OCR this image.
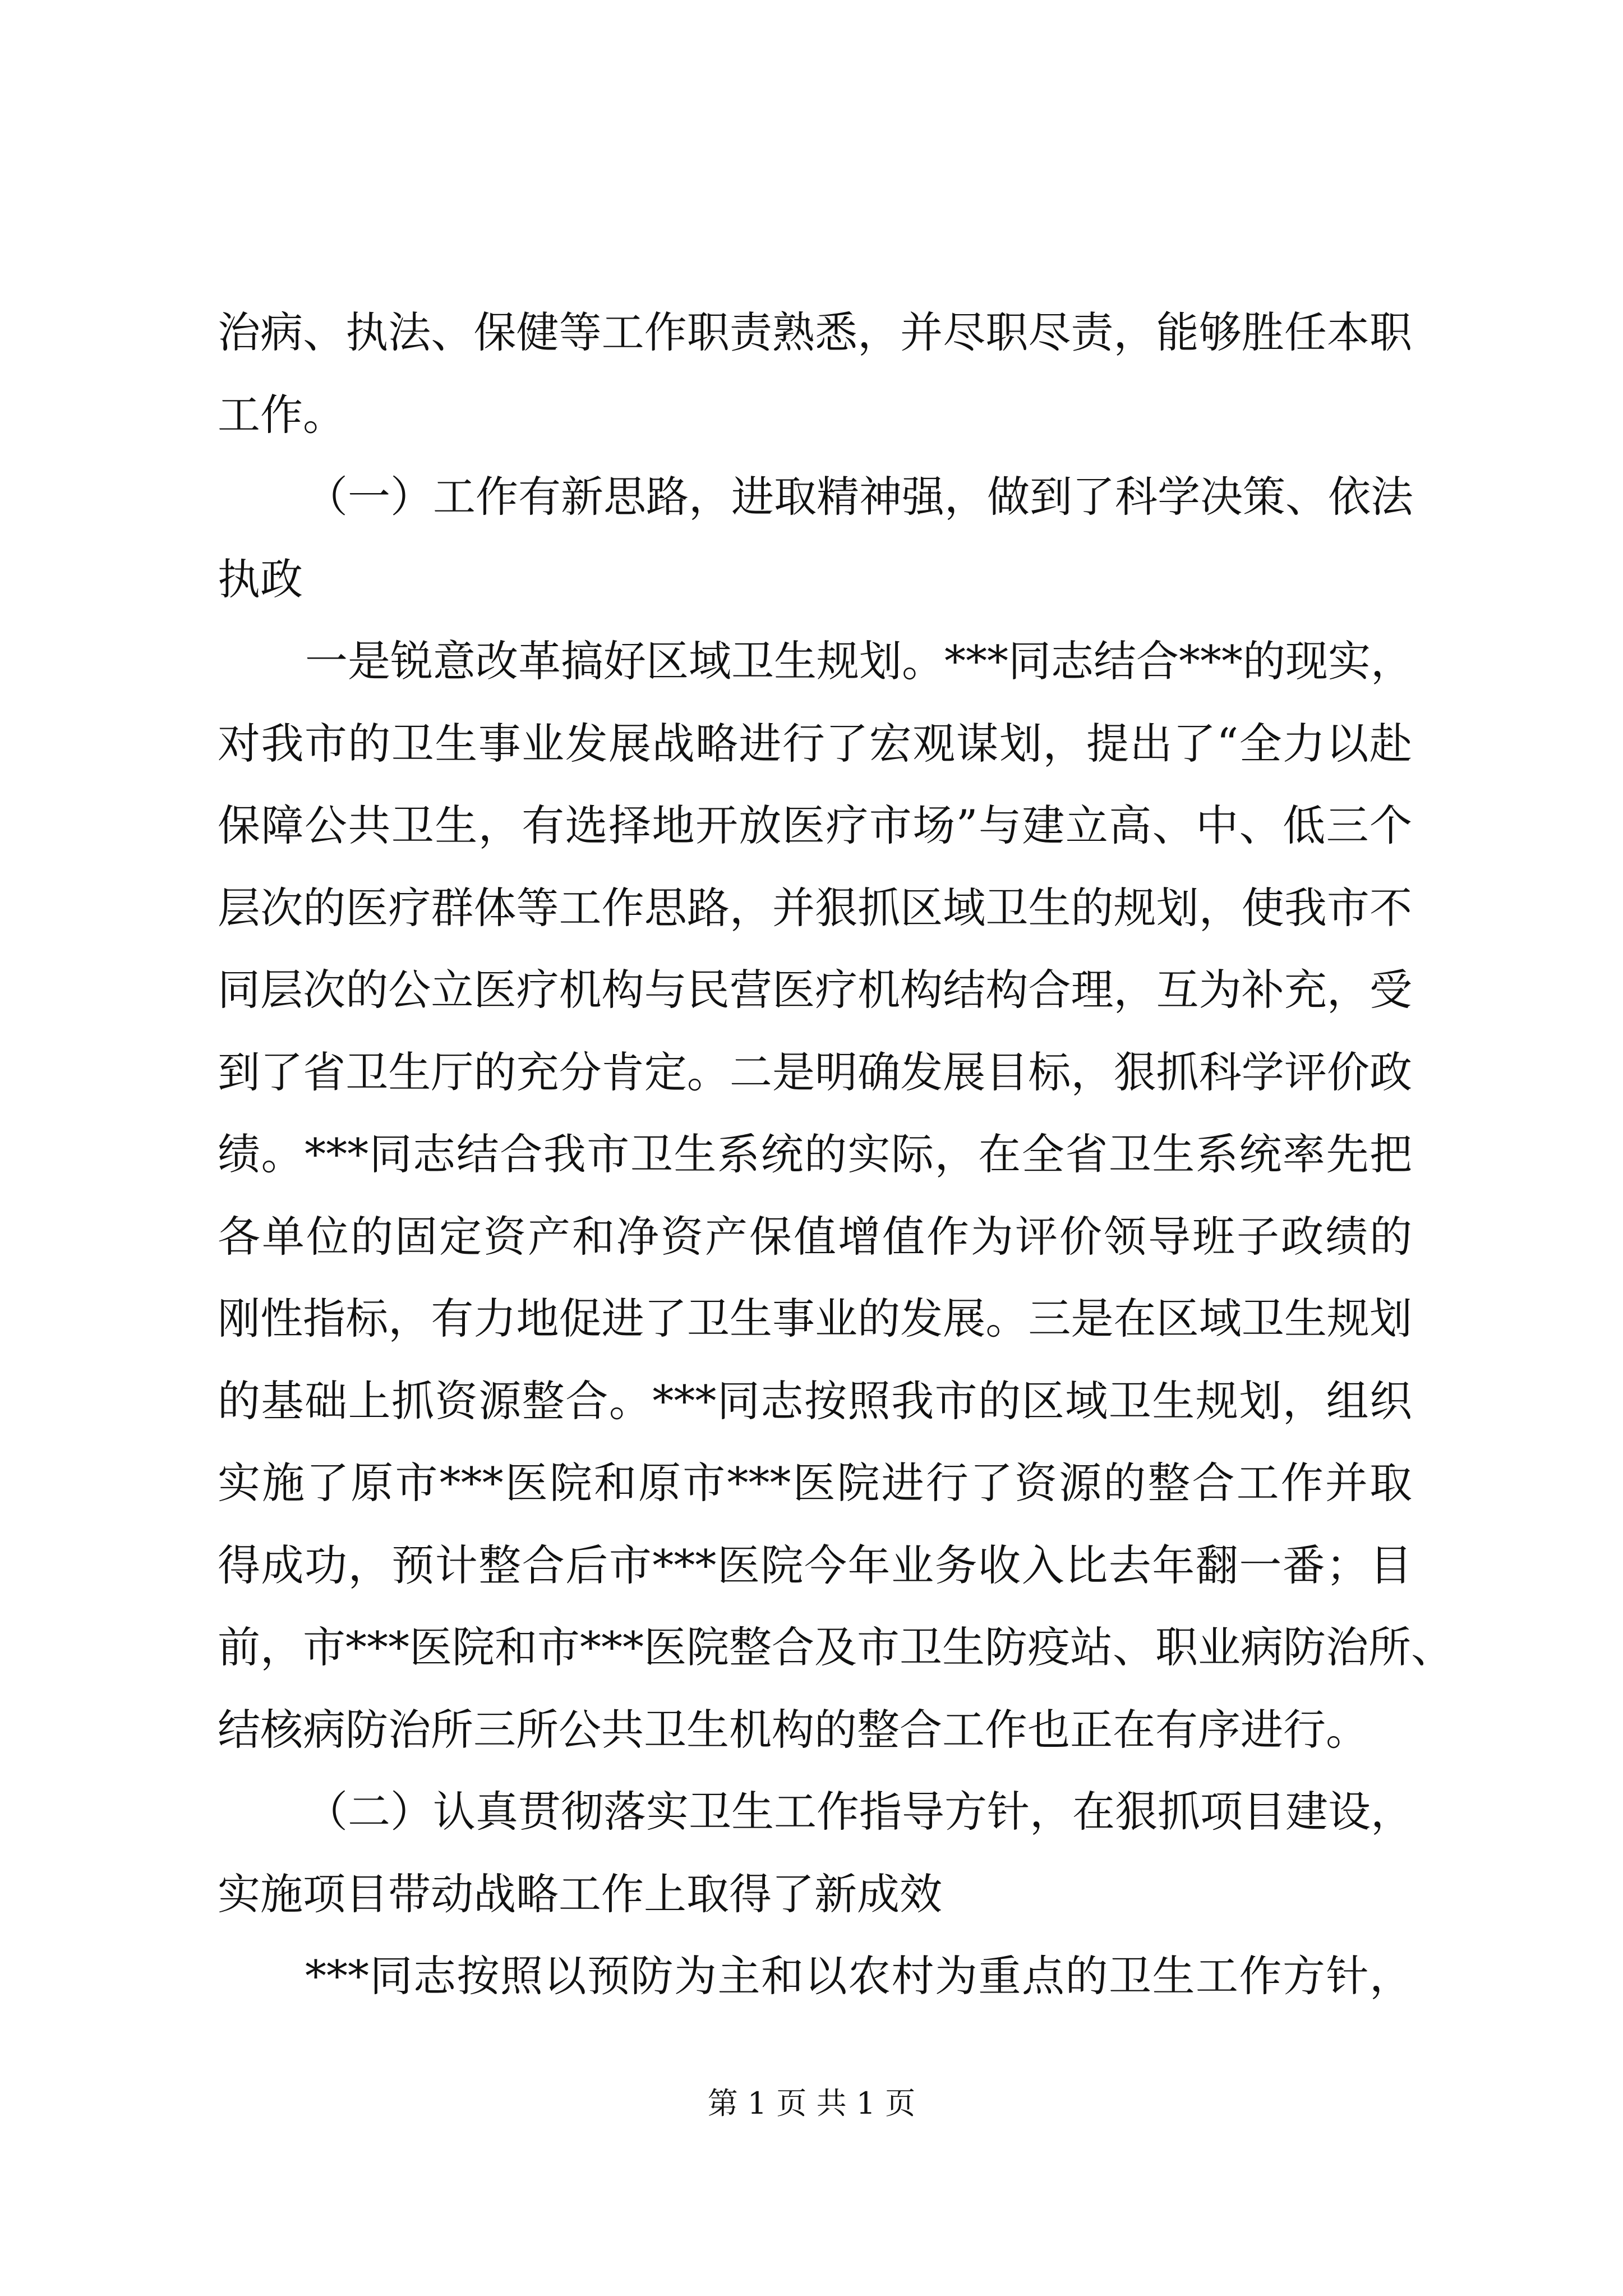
治病、执法、保健等工作职责熟悉，并尽职尽责，能够胜任本职
工作。
（一）工作有新思路，进取精神强，做到了科学决策、依法
执政
一是锐意改革搞好区域卫生规划。***同志结合***的现实，
对我市的卫生事业发展战略进行了宏观谋划，提出了“全力以赴
保障公共卫生，有选择地开放医疗市场”与建立高、中、低三个
层次的医疗群体等工作思路，并狠抓区域卫生的规划，使我市不
同层次的公立医疗机构与民营医疗机构结构合理，互为补充，受
到了省卫生厅的充分肯定。二是明确发展目标，狠抓科学评价政
绩。***同志结合我市卫生系统的实际，在全省卫生系统率先把
各单位的固定资产和净资产保值增值作为评价领导班子政绩的
刚性指标，有力地促进了卫生事业的发展。三是在区域卫生规划
的基础上抓资源整合。***同志按照我市的区域卫生规划，组织
实施了原市***医院和原市***医院进行了资源的整合工作并取
得成功，预计整合后市***医院今年业务收入比去年翻一番；目
前，市***医院和市***医院整合及市卫生防疫站、职业病防治所、
结核病防治所三所公共卫生机构的整合工作也正在有序进行。
（二）认真贯彻落实卫生工作指导方针，在狠抓项目建设，
实施项目带动战略工作上取得了新成效
***同志按照以预防为主和以农村为重点的卫生工作方针，
第 1 页 共 1 页
